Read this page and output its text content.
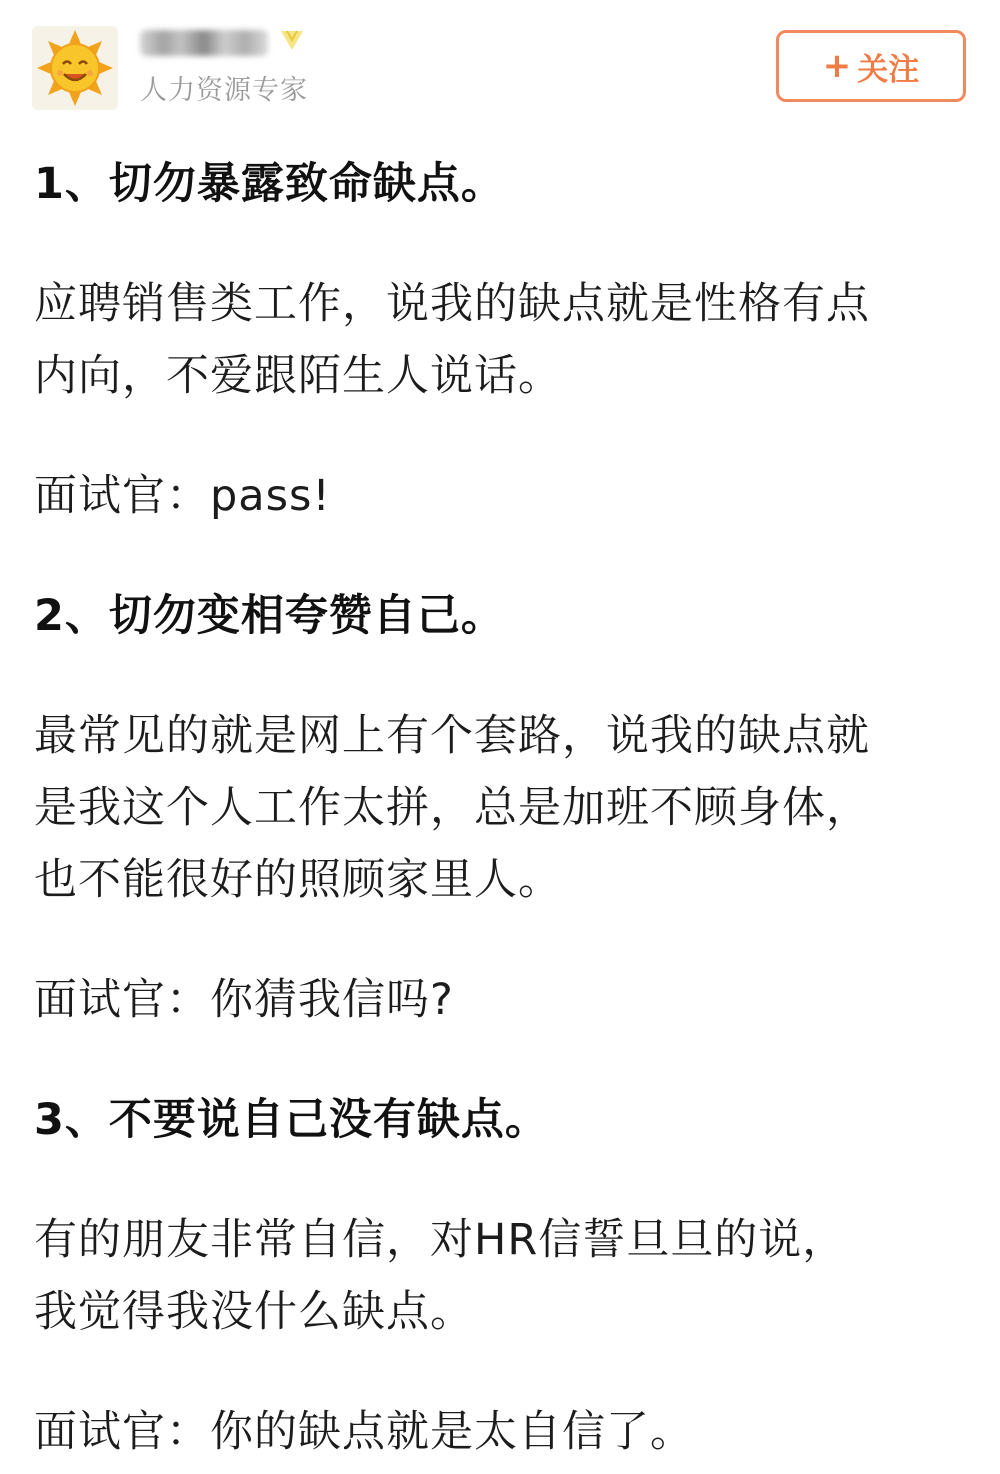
人力资源专家
+ 关注
1、切勿暴露致命缺点。
应聘销售类工作，说我的缺点就是性格有点
内向，不爱跟陌生人说话。
面试官：pass!
2、切勿变相夸赞自己。
最常见的就是网上有个套路，说我的缺点就
是我这个人工作太拼，总是加班不顾身体，
也不能很好的照顾家里人。
面试官：你猜我信吗?
3、不要说自己没有缺点。
有的朋友非常自信，对HR信誓旦旦的说，
我觉得我没什么缺点。
面试官：你的缺点就是太自信了。
